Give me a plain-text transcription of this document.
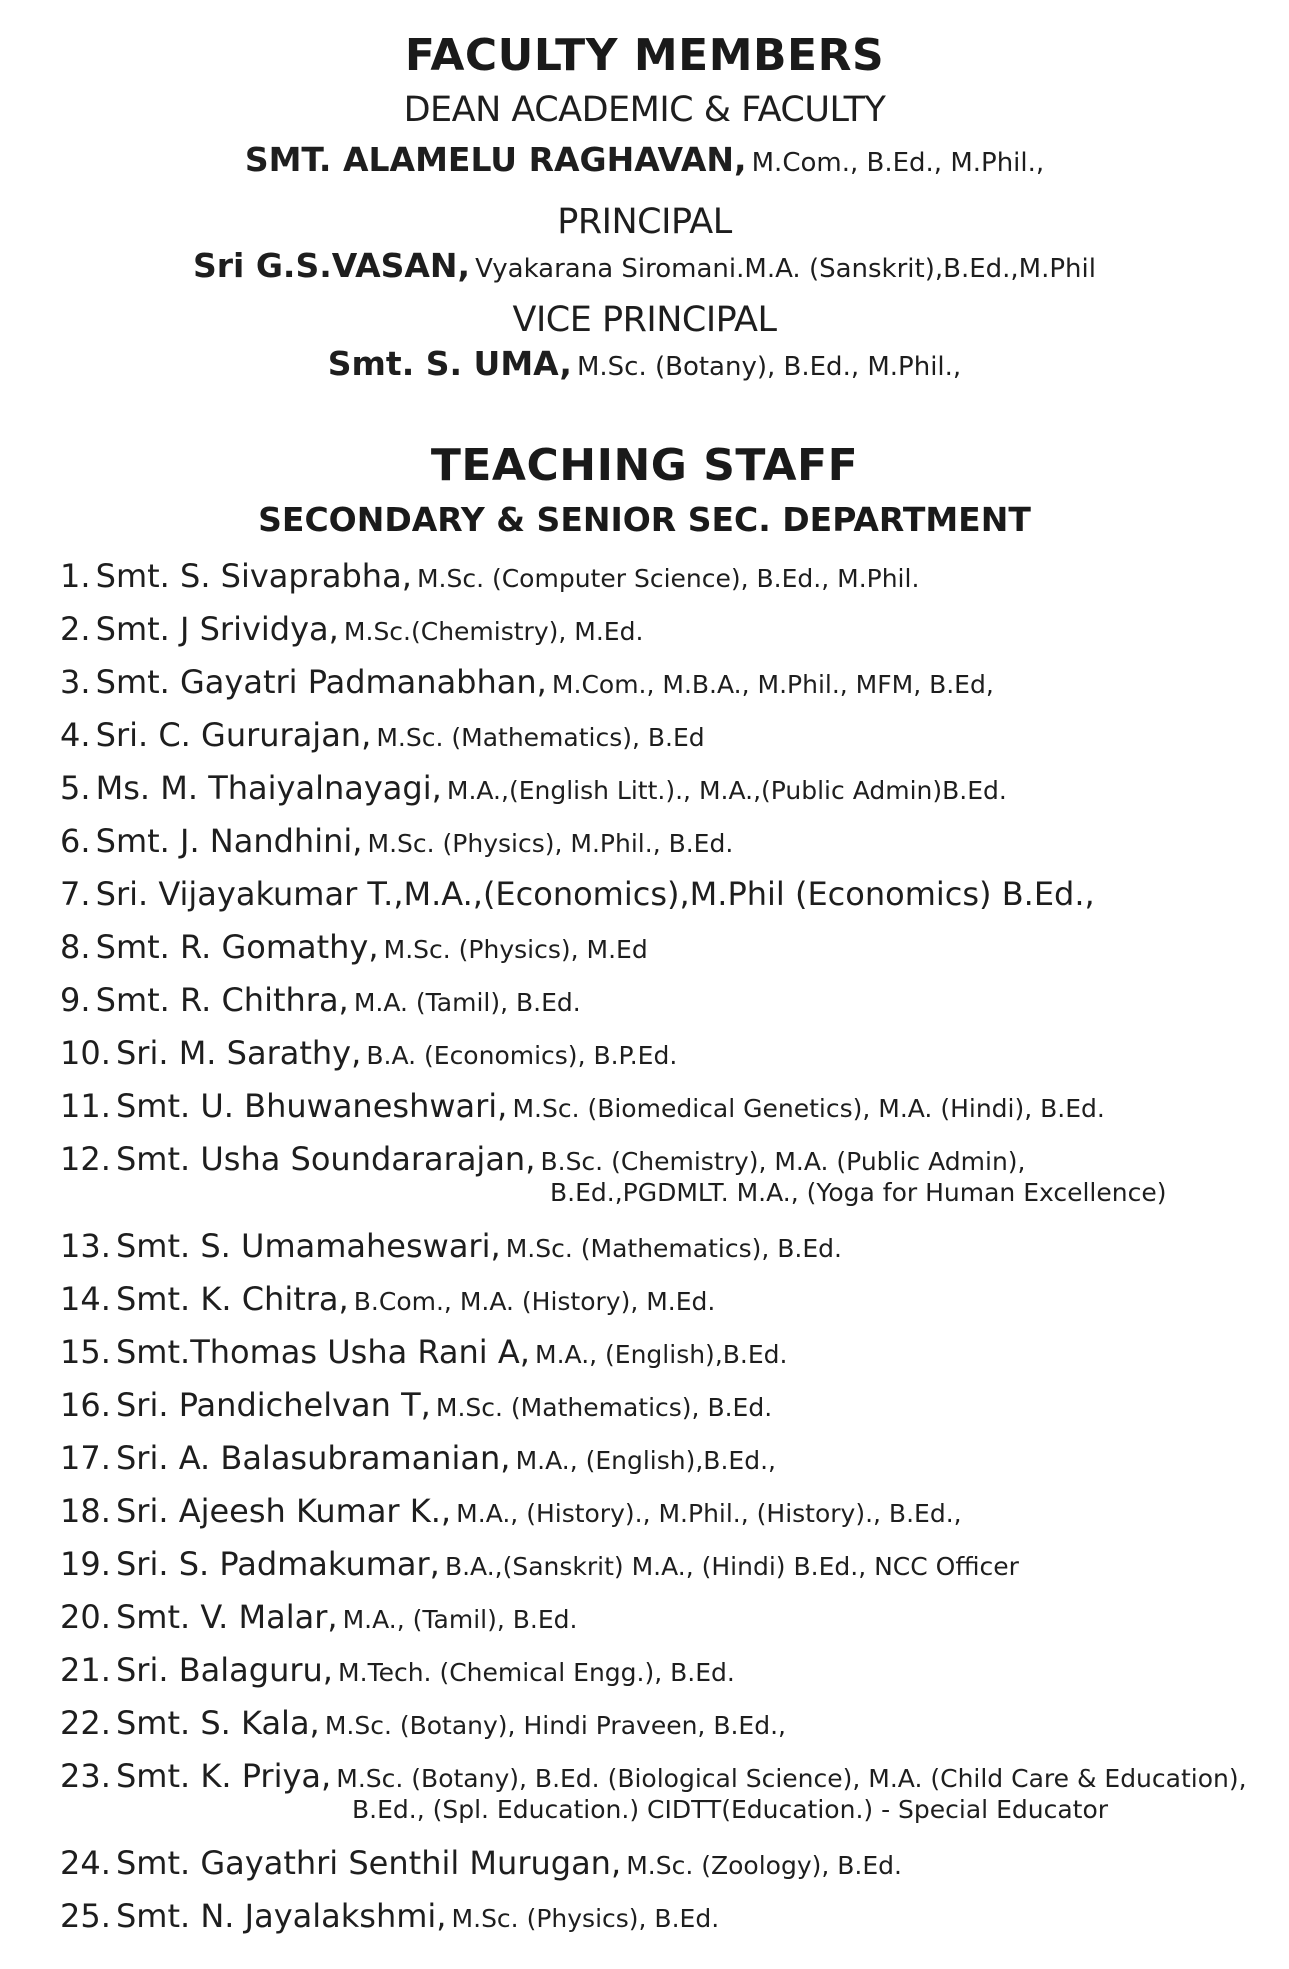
FACULTY MEMBERS
DEAN ACADEMIC & FACULTY
SMT. ALAMELU RAGHAVAN, M.Com., B.Ed., M.Phil.,
PRINCIPAL
Sri G.S.VASAN, Vyakarana Siromani.M.A. (Sanskrit),B.Ed.,M.Phil
VICE PRINCIPAL
Smt. S. UMA, M.Sc. (Botany), B.Ed., M.Phil.,
TEACHING STAFF
SECONDARY & SENIOR SEC. DEPARTMENT
1. Smt. S. Sivaprabha, M.Sc. (Computer Science), B.Ed., M.Phil.
2. Smt. J Srividya, M.Sc.(Chemistry), M.Ed.
3. Smt. Gayatri Padmanabhan, M.Com., M.B.A., M.Phil., MFM, B.Ed,
4. Sri. C. Gururajan, M.Sc. (Mathematics), B.Ed
5. Ms. M. Thaiyalnayagi, M.A.,(English Litt.)., M.A.,(Public Admin)B.Ed.
6. Smt. J. Nandhini, M.Sc. (Physics), M.Phil., B.Ed.
7. Sri. Vijayakumar T.,M.A.,(Economics),M.Phil (Economics) B.Ed.,
8. Smt. R. Gomathy, M.Sc. (Physics), M.Ed
9. Smt. R. Chithra, M.A. (Tamil), B.Ed.
10. Sri. M. Sarathy, B.A. (Economics), B.P.Ed.
11. Smt. U. Bhuwaneshwari, M.Sc. (Biomedical Genetics), M.A. (Hindi), B.Ed.
12. Smt. Usha Soundararajan, B.Sc. (Chemistry), M.A. (Public Admin),
B.Ed.,PGDMLT. M.A., (Yoga for Human Excellence)
13. Smt. S. Umamaheswari, M.Sc. (Mathematics), B.Ed.
14. Smt. K. Chitra, B.Com., M.A. (History), M.Ed.
15. Smt.Thomas Usha Rani A, M.A., (English),B.Ed.
16. Sri. Pandichelvan T, M.Sc. (Mathematics), B.Ed.
17. Sri. A. Balasubramanian, M.A., (English),B.Ed.,
18. Sri. Ajeesh Kumar K., M.A., (History)., M.Phil., (History)., B.Ed.,
19. Sri. S. Padmakumar, B.A.,(Sanskrit) M.A., (Hindi) B.Ed., NCC Officer
20. Smt. V. Malar, M.A., (Tamil), B.Ed.
21. Sri. Balaguru, M.Tech. (Chemical Engg.), B.Ed.
22. Smt. S. Kala, M.Sc. (Botany), Hindi Praveen, B.Ed.,
23. Smt. K. Priya, M.Sc. (Botany), B.Ed. (Biological Science), M.A. (Child Care & Education),
B.Ed., (Spl. Education.) CIDTT(Education.) - Special Educator
24. Smt. Gayathri Senthil Murugan, M.Sc. (Zoology), B.Ed.
25. Smt. N. Jayalakshmi, M.Sc. (Physics), B.Ed.
